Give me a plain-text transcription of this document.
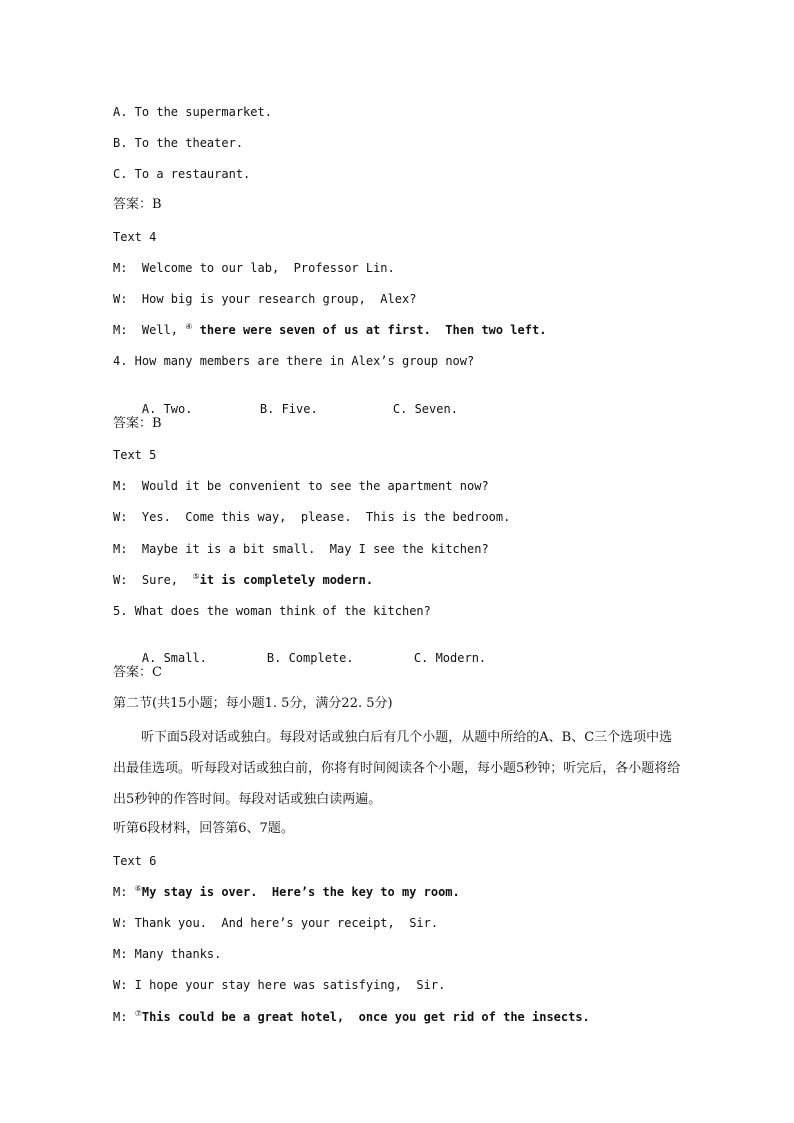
A. To the supermarket.
B. To the theater.
C. To a restaurant.
答案：B
Text 4
M:  Welcome to our lab,  Professor Lin.
W:  How big is your research group,  Alex?
M:  Well, ④ there were seven of us at first.  Then two left.
4. How many members are there in Alex’s group now?

A. Two.	B. Five.	C. Seven.

答案：B
Text 5
M:  Would it be convenient to see the apartment now?
W:  Yes.  Come this way,  please.  This is the bedroom.
M:  Maybe it is a bit small.  May I see the kitchen?
W:  Sure,  ⑤it is completely modern.
5. What does the woman think of the kitchen?

A. Small.	B. Complete.	C. Modern.

答案：C
第二节(共15小题；每小题1. 5分，满分22. 5分)
听下面5段对话或独白。每段对话或独白后有几个小题，从题中所给的A、B、C三个选项中选出最佳选项。听每段对话或独白前，你将有时间阅读各个小题，每小题5秒钟；听完后，各小题将给出5秒钟的作答时间。每段对话或独白读两遍。
听第6段材料，回答第6、7题。
Text 6
M: ⑥My stay is over.  Here’s the key to my room.
W: Thank you.  And here’s your receipt,  Sir.
M: Many thanks.
W: I hope your stay here was satisfying,  Sir.
M: ⑦This could be a great hotel,  once you get rid of the insects.
